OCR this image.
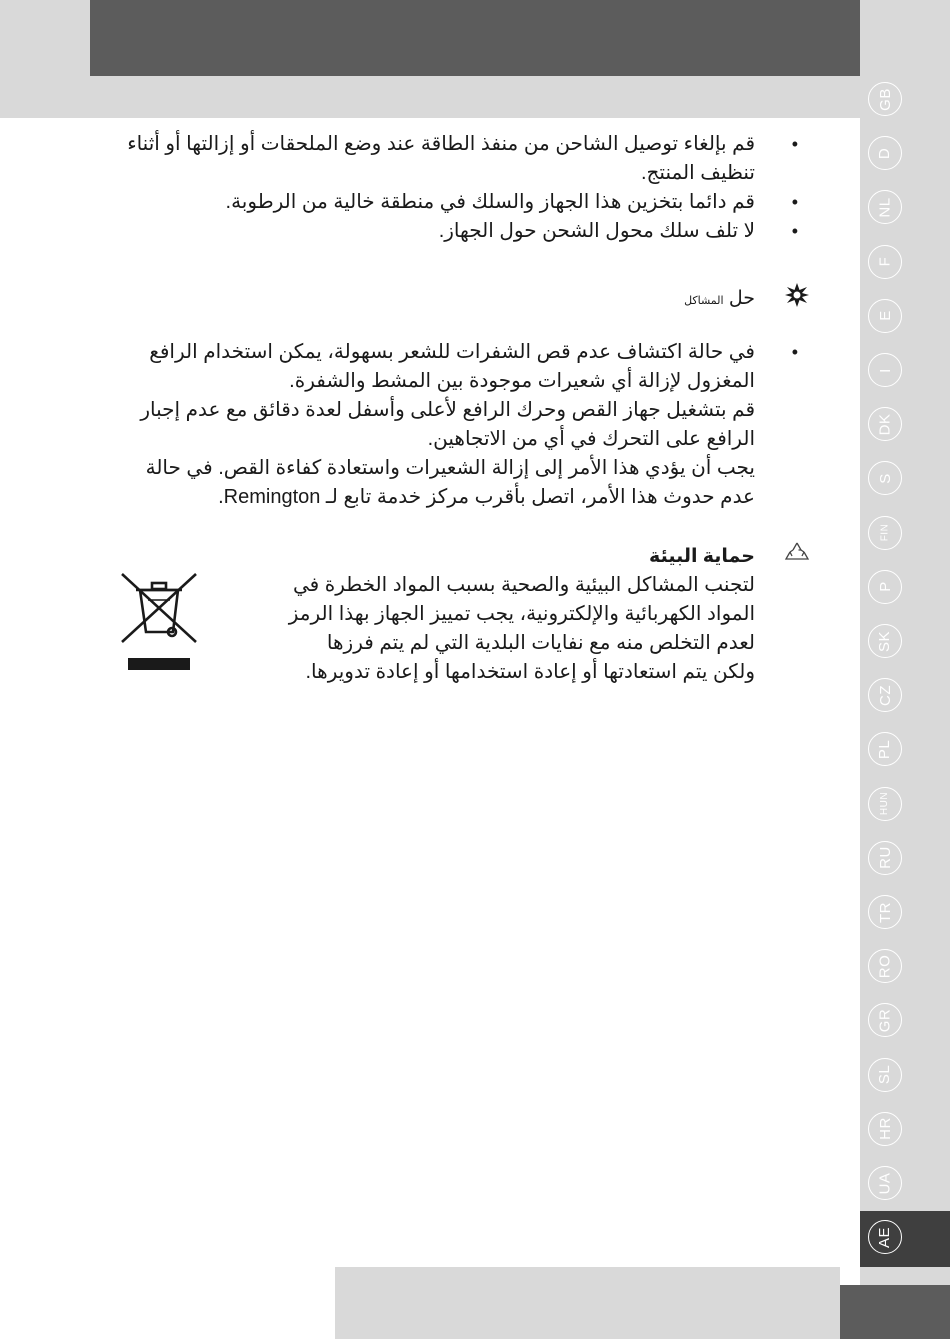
GB
D
NL
F
E
I
DK
S
FIN
P
SK
CZ
PL
HUN
RU
TR
RO
GR
SL
HR
UA
AE
• قم بإلغاء توصيل الشاحن من منفذ الطاقة عند وضع الملحقات أو إزالتها أو أثناء تنظيف المنتج.
• قم دائما بتخزين هذا الجهاز والسلك في منطقة خالية من الرطوبة.
• لا تلف سلك محول الشحن حول الجهاز.
حل المشاكل
• في حالة اكتشاف عدم قص الشفرات للشعر بسهولة، يمكن استخدام الرافع المغزول لإزالة أي شعيرات موجودة بين المشط والشفرة.
قم بتشغيل جهاز القص وحرك الرافع لأعلى وأسفل لعدة دقائق مع عدم إجبار الرافع على التحرك في أي من الاتجاهين.
يجب أن يؤدي هذا الأمر إلى إزالة الشعيرات واستعادة كفاءة القص. في حالة عدم حدوث هذا الأمر، اتصل بأقرب مركز خدمة تابع لـ Remington.
حماية البيئة

لتجنب المشاكل البيئية والصحية بسبب المواد الخطرة في المواد الكهربائية والإلكترونية، يجب تمييز الجهاز بهذا الرمز لعدم التخلص منه مع نفايات البلدية التي لم يتم فرزها ولكن يتم استعادتها أو إعادة استخدامها أو إعادة تدويرها.
